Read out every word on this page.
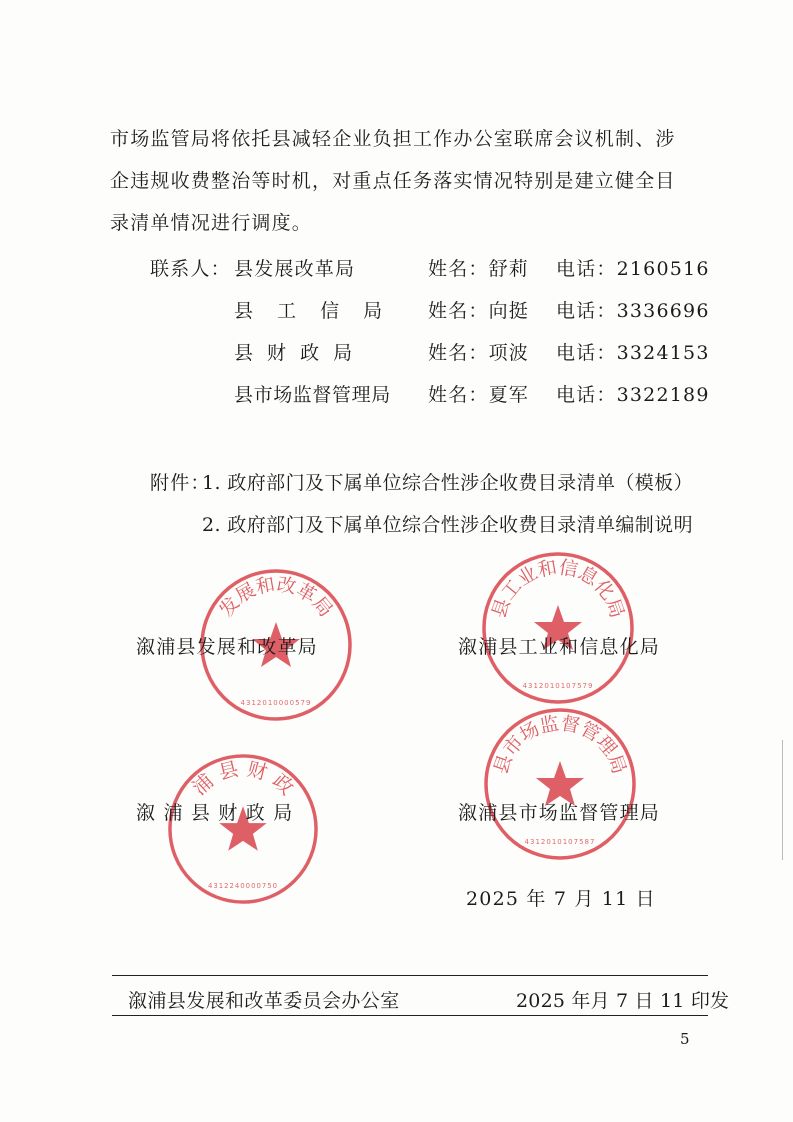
市场监管局将依托县减轻企业负担工作办公室联席会议机制、涉
企违规收费整治等时机，对重点任务落实情况特别是建立健全目
录清单情况进行调度。
联系人： 县发展改革局	姓名：舒莉 电话：2160516
县 工 信 局 姓名：向挺 电话：3336696
县 财 政 局	姓名：项波 电话：3324153
县市场监督管理局 姓名：夏军 电话：3322189
附件：
1. 政府部门及下属单位综合性涉企收费目录清单（模板）
2. 政府部门及下属单位综合性涉企收费目录清单编制说明
发展和改革局
4312010000579
县工业和信息化局
4312010107579
浦 县 财 政
4312240000750
县市场监督管理局
4312010107587
溆浦县发展和改革局	溆浦县工业和信息化局
溆 浦 县 财 政 局	溆浦县市场监督管理局
2025 年 7 月 11 日
溆浦县发展和改革委员会办公室	2025 年月 7 日 11 印发
5
